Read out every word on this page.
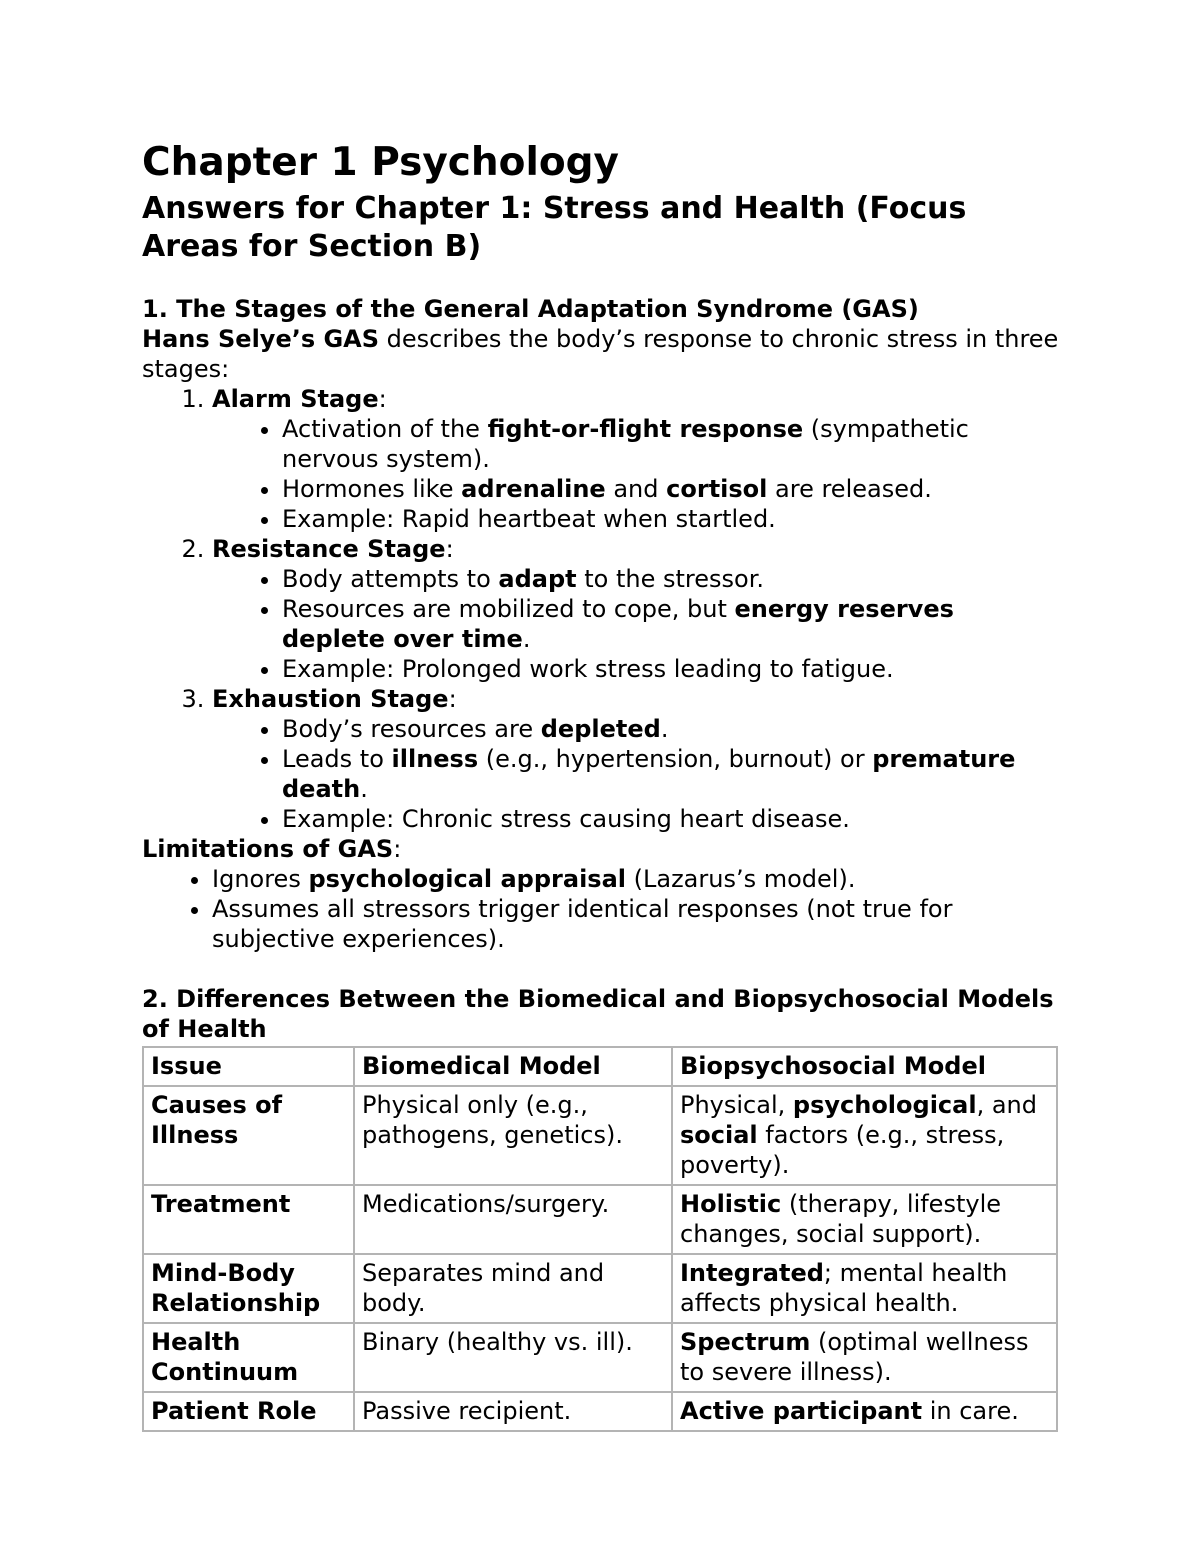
Chapter 1 Psychology
Answers for Chapter 1: Stress and Health (Focus Areas for Section B)

1. The Stages of the General Adaptation Syndrome (GAS)

Hans Selye’s GAS describes the body’s response to chronic stress in three stages:

1. Alarm Stage:
• Activation of the fight-or-flight response (sympathetic nervous system).
• Hormones like adrenaline and cortisol are released.
• Example: Rapid heartbeat when startled.
2. Resistance Stage:
• Body attempts to adapt to the stressor.
• Resources are mobilized to cope, but energy reserves deplete over time.
• Example: Prolonged work stress leading to fatigue.
3. Exhaustion Stage:
• Body’s resources are depleted.
• Leads to illness (e.g., hypertension, burnout) or premature death.
• Example: Chronic stress causing heart disease.

Limitations of GAS:

• Ignores psychological appraisal (Lazarus’s model).
• Assumes all stressors trigger identical responses (not true for subjective experiences).

2. Differences Between the Biomedical and Biopsychosocial Models of Health

Issue	Biomedical Model	Biopsychosocial Model
Causes of Illness	Physical only (e.g., pathogens, genetics).	Physical, psychological, and social factors (e.g., stress, poverty).
Treatment	Medications/surgery.	Holistic (therapy, lifestyle changes, social support).
Mind-Body Relationship	Separates mind and body.	Integrated; mental health affects physical health.
Health Continuum	Binary (healthy vs. ill).	Spectrum (optimal wellness to severe illness).
Patient Role	Passive recipient.	Active participant in care.
